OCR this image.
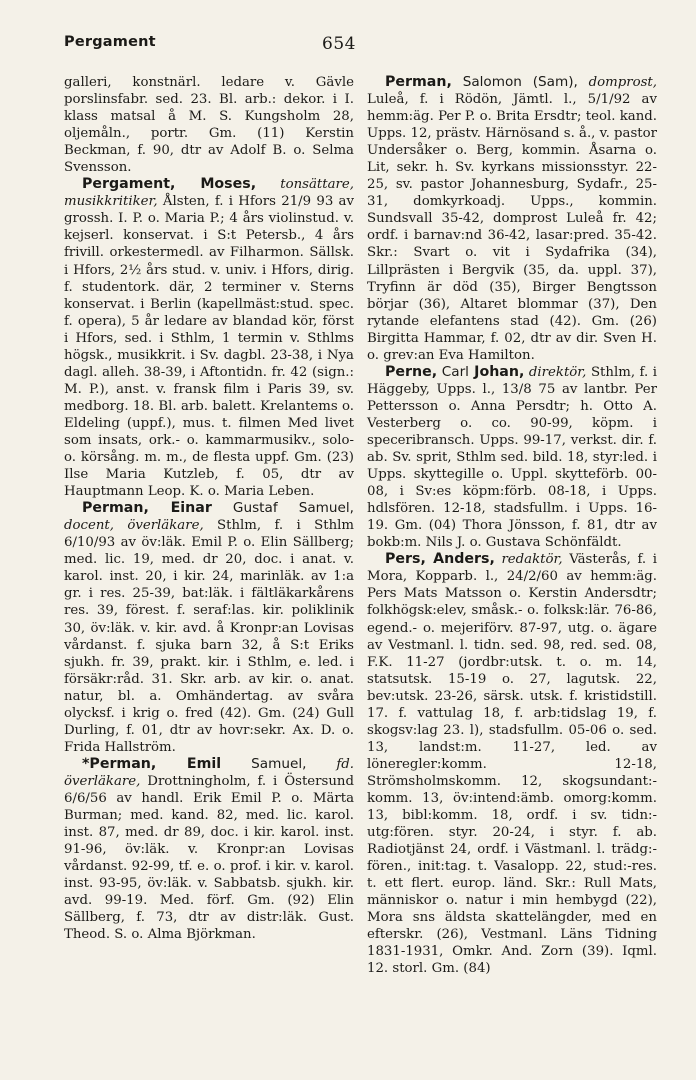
Pergament	654

galleri, konstnärl. ledare v. Gävle porslinsfabr. sed. 23. Bl. arb.: dekor. i I. klass matsal å M. S. Kungsholm 28, oljemåln., portr. Gm. (11) Kerstin Beckman, f. 90, dtr av Adolf B. o. Selma Svensson.

Pergament, Moses, tonsättare, musikkritiker, Ålsten, f. i Hfors 21/9 93 av grossh. I. P. o. Maria P.; 4 års violinstud. v. kejserl. konservat. i S:t Petersb., 4 års frivill. orkestermedl. av Filharmon. Sällsk. i Hfors, 2½ års stud. v. univ. i Hfors, dirig. f. studentork. där, 2 terminer v. Sterns konservat. i Berlin (kapellmäst:stud. spec. f. opera), 5 år ledare av blandad kör, först i Hfors, sed. i Sthlm, 1 termin v. Sthlms högsk., musikkrit. i Sv. dagbl. 23-38, i Nya dagl. alleh. 38-39, i Aftontidn. fr. 42 (sign.: M. P.), anst. v. fransk film i Paris 39, sv. medborg. 18. Bl. arb. balett. Krelantems o. Eldeling (uppf.), mus. t. filmen Med livet som insats, ork.- o. kammarmusikv., solo- o. körsång. m. m., de flesta uppf. Gm. (23) Ilse Maria Kutzleb, f. 05, dtr av Hauptmann Leop. K. o. Maria Leben.

Perman, Einar Gustaf Samuel, docent, överläkare, Sthlm, f. i Sthlm 6/10/93 av öv:läk. Emil P. o. Elin Sällberg; med. lic. 19, med. dr 20, doc. i anat. v. karol. inst. 20, i kir. 24, marinläk. av 1:a gr. i res. 25-39, bat:läk. i fältläkarkårens res. 39, förest. f. seraf:las. kir. poliklinik 30, öv:läk. v. kir. avd. å Kronpr:an Lovisas vårdanst. f. sjuka barn 32, å S:t Eriks sjukh. fr. 39, prakt. kir. i Sthlm, e. led. i försäkr:råd. 31. Skr. arb. av kir. o. anat. natur, bl. a. Omhändertag. av svåra olycksf. i krig o. fred (42). Gm. (24) Gull Durling, f. 01, dtr av hovr:sekr. Ax. D. o. Frida Hallström.

*Perman, Emil Samuel, fd. överläkare, Drottningholm, f. i Östersund 6/6/56 av handl. Erik Emil P. o. Märta Burman; med. kand. 82, med. lic. karol. inst. 87, med. dr 89, doc. i kir. karol. inst. 91-96, öv:läk. v. Kronpr:an Lovisas vårdanst. 92-99, tf. e. o. prof. i kir. v. karol. inst. 93-95, öv:läk. v. Sabbatsb. sjukh. kir. avd. 99-19. Med. förf. Gm. (92) Elin Sällberg, f. 73, dtr av distr:läk. Gust. Theod. S. o. Alma Björkman.

Perman, Salomon (Sam), domprost, Luleå, f. i Rödön, Jämtl. l., 5/1/92 av hemm:äg. Per P. o. Brita Ersdtr; teol. kand. Upps. 12, prästv. Härnösand s. å., v. pastor Undersåker o. Berg, kommin. Åsarna o. Lit, sekr. h. Sv. kyrkans missionsstyr. 22-25, sv. pastor Johannesburg, Sydafr., 25-31, domkyrkoadj. Upps., kommin. Sundsvall 35-42, domprost Luleå fr. 42; ordf. i barnav:nd 36-42, lasar:pred. 35-42. Skr.: Svart o. vit i Sydafrika (34), Lillprästen i Bergvik (35, da. uppl. 37), Tryfinn är död (35), Birger Bengtsson börjar (36), Altaret blommar (37), Den rytande elefantens stad (42). Gm. (26) Birgitta Hammar, f. 02, dtr av dir. Sven H. o. grev:an Eva Hamilton.

Perne, Carl Johan, direktör, Sthlm, f. i Häggeby, Upps. l., 13/8 75 av lantbr. Per Pettersson o. Anna Persdtr; h. Otto A. Vesterberg o. co. 90-99, köpm. i speceribransch. Upps. 99-17, verkst. dir. f. ab. Sv. sprit, Sthlm sed. bild. 18, styr:led. i Upps. skyttegille o. Uppl. skytteförb. 00-08, i Sv:es köpm:förb. 08-18, i Upps. hdlsfören. 12-18, stadsfullm. i Upps. 16-19. Gm. (04) Thora Jönsson, f. 81, dtr av bokb:m. Nils J. o. Gustava Schönfäldt.

Pers, Anders, redaktör, Västerås, f. i Mora, Kopparb. l., 24/2/60 av hemm:äg. Pers Mats Matsson o. Kerstin Andersdtr; folkhögsk:elev, småsk.- o. folksk:lär. 76-86, egend.- o. mejeriförv. 87-97, utg. o. ägare av Vestmanl. l. tidn. sed. 98, red. sed. 08, F.K. 11-27 (jordbr:utsk. t. o. m. 14, statsutsk. 15-19 o. 27, lagutsk. 22, bev:utsk. 23-26, särsk. utsk. f. kristidstill. 17. f. vattulag 18, f. arb:tidslag 19, f. skogsv:lag 23. l), stadsfullm. 05-06 o. sed. 13, landst:m. 11-27, led. av löneregler:komm. 12-18, Strömsholmskomm. 12, skogsundant:-komm. 13, öv:intend:ämb. omorg:komm. 13, bibl:komm. 18, ordf. i sv. tidn:-utg:fören. styr. 20-24, i styr. f. ab. Radiotjänst 24, ordf. i Västmanl. l. trädg:-fören., init:tag. t. Vasalopp. 22, stud:-res. t. ett flert. europ. länd. Skr.: Rull Mats, människor o. natur i min hembygd (22), Mora sns äldsta skattelängder, med en efterskr. (26), Vestmanl. Läns Tidning 1831-1931, Omkr. And. Zorn (39). Iqml. 12. storl. Gm. (84)
